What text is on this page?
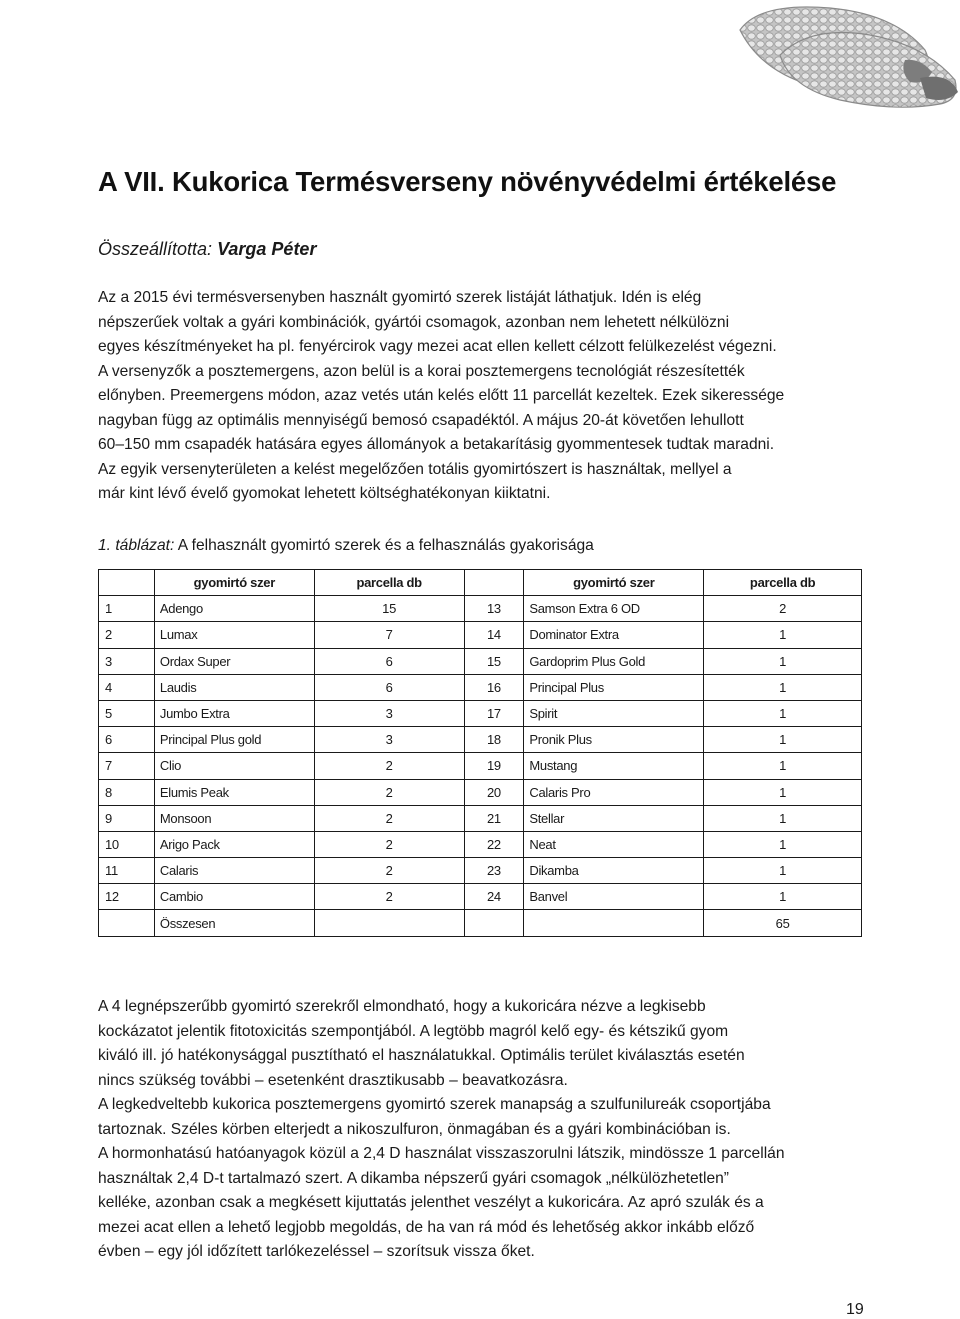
A VII. Kukorica Termésverseny növényvédelmi értékelése

Összeállította: Varga Péter

Az a 2015 évi termésversenyben használt gyomirtó szerek listáját láthatjuk. Idén is elég
népszerűek voltak a gyári kombinációk, gyártói csomagok, azonban nem lehetett nélkülözni
egyes készítményeket ha pl. fenyércirok vagy mezei acat ellen kellett célzott felülkezelést végezni.
A versenyzők a posztemergens, azon belül is a korai posztemergens tecnológiát részesítették
előnyben. Preemergens módon, azaz vetés után kelés előtt 11 parcellát kezeltek. Ezek sikeressége
nagyban függ az optimális mennyiségű bemosó csapadéktól. A május 20-át követően lehullott
60–150 mm csapadék hatására egyes állományok a betakarításig gyommentesek tudtak maradni.
Az egyik versenyterületen a kelést megelőzően totális gyomirtószert is használtak, mellyel a
már kint lévő évelő gyomokat lehetett költséghatékonyan kiiktatni.

1. táblázat: A felhasznált gyomirtó szerek és a felhasználás gyakorisága

	gyomirtó szer	parcella db		gyomirtó szer	parcella db
1	Adengo	15	13	Samson Extra 6 OD	2
2	Lumax	7	14	Dominator Extra	1
3	Ordax Super	6	15	Gardoprim Plus Gold	1
4	Laudis	6	16	Principal Plus	1
5	Jumbo Extra	3	17	Spirit	1
6	Principal Plus gold	3	18	Pronik Plus	1
7	Clio	2	19	Mustang	1
8	Elumis Peak	2	20	Calaris Pro	1
9	Monsoon	2	21	Stellar	1
10	Arigo Pack	2	22	Neat	1
11	Calaris	2	23	Dikamba	1
12	Cambio	2	24	Banvel	1
	Összesen				65
A 4 legnépszerűbb gyomirtó szerekről elmondható, hogy a kukoricára nézve a legkisebb
kockázatot jelentik fitotoxicitás szempontjából. A legtöbb magról kelő egy- és kétszikű gyom
kiváló ill. jó hatékonysággal pusztítható el használatukkal. Optimális terület kiválasztás esetén
nincs szükség további – esetenként drasztikusabb – beavatkozásra.
A legkedveltebb kukorica posztemergens gyomirtó szerek manapság a szulfunilureák csoportjába
tartoznak. Széles körben elterjedt a nikoszulfuron, önmagában és a gyári kombinációban is.
A hormonhatású hatóanyagok közül a 2,4 D használat visszaszorulni látszik, mindössze 1 parcellán
használtak 2,4 D-t tartalmazó szert. A dikamba népszerű gyári csomagok „nélkülözhetetlen”
kelléke, azonban csak a megkésett kijuttatás jelenthet veszélyt a kukoricára. Az apró szulák és a
mezei acat ellen a lehető legjobb megoldás, de ha van rá mód és lehetőség akkor inkább előző
évben – egy jól időzített tarlókezeléssel – szorítsuk vissza őket.

19
